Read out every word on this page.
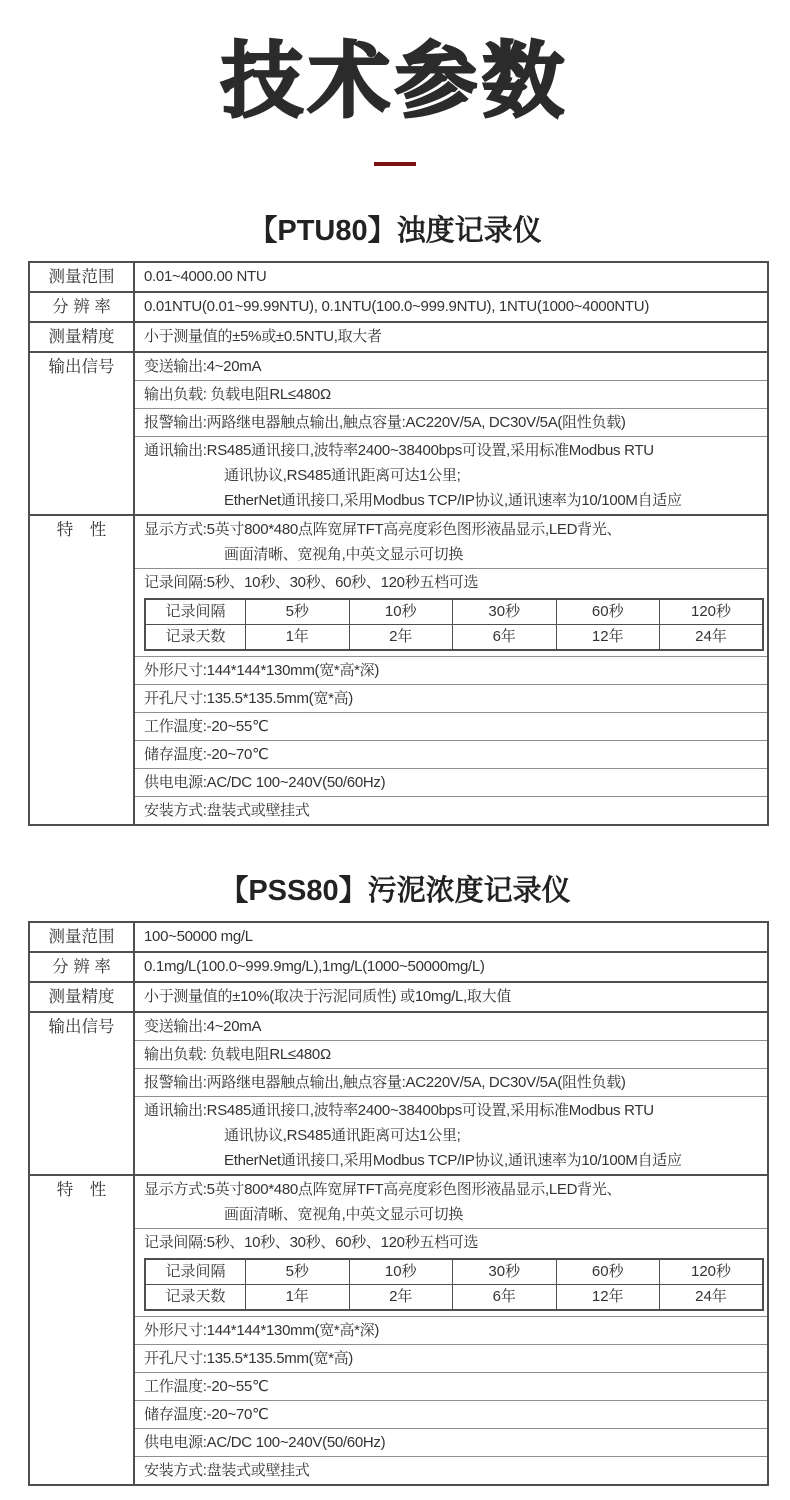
技术参数
【PTU80】浊度记录仪
测量范围	0.01~4000.00 NTU

分 辨 率	0.01NTU(0.01~99.99NTU), 0.1NTU(100.0~999.9NTU), 1NTU(1000~4000NTU)

测量精度	小于测量值的±5%或±0.5NTU,取大者

输出信号	变送输出:4~20mA

输出负载: 负载电阻RL≤480Ω

报警输出:两路继电器触点输出,触点容量:AC220V/5A, DC30V/5A(阻性负载)

通讯输出:RS485通讯接口,波特率2400~38400bps可设置,采用标准Modbus RTU
通讯协议,RS485通讯距离可达1公里;
EtherNet通讯接口,采用Modbus TCP/IP协议,通讯速率为10/100M自适应

特　性	显示方式:5英寸800*480点阵宽屏TFT高亮度彩色图形液晶显示,LED背光、
画面清晰、宽视角,中英文显示可切换

记录间隔:5秒、10秒、30秒、60秒、120秒五档可选
记录间隔	5秒	10秒	30秒	60秒	120秒
记录天数	1年	2年	6年	12年	24年

外形尺寸:144*144*130mm(宽*高*深)

开孔尺寸:135.5*135.5mm(宽*高)

工作温度:-20~55℃

储存温度:-20~70℃

供电电源:AC/DC 100~240V(50/60Hz)

安装方式:盘装式或壁挂式
【PSS80】污泥浓度记录仪
测量范围	100~50000 mg/L

分 辨 率	0.1mg/L(100.0~999.9mg/L),1mg/L(1000~50000mg/L)

测量精度	小于测量值的±10%(取决于污泥同质性) 或10mg/L,取大值

输出信号	变送输出:4~20mA

输出负载: 负载电阻RL≤480Ω

报警输出:两路继电器触点输出,触点容量:AC220V/5A, DC30V/5A(阻性负载)

通讯输出:RS485通讯接口,波特率2400~38400bps可设置,采用标准Modbus RTU
通讯协议,RS485通讯距离可达1公里;
EtherNet通讯接口,采用Modbus TCP/IP协议,通讯速率为10/100M自适应

特　性	显示方式:5英寸800*480点阵宽屏TFT高亮度彩色图形液晶显示,LED背光、
画面清晰、宽视角,中英文显示可切换

记录间隔:5秒、10秒、30秒、60秒、120秒五档可选
记录间隔	5秒	10秒	30秒	60秒	120秒
记录天数	1年	2年	6年	12年	24年

外形尺寸:144*144*130mm(宽*高*深)

开孔尺寸:135.5*135.5mm(宽*高)

工作温度:-20~55℃

储存温度:-20~70℃

供电电源:AC/DC 100~240V(50/60Hz)

安装方式:盘装式或壁挂式
